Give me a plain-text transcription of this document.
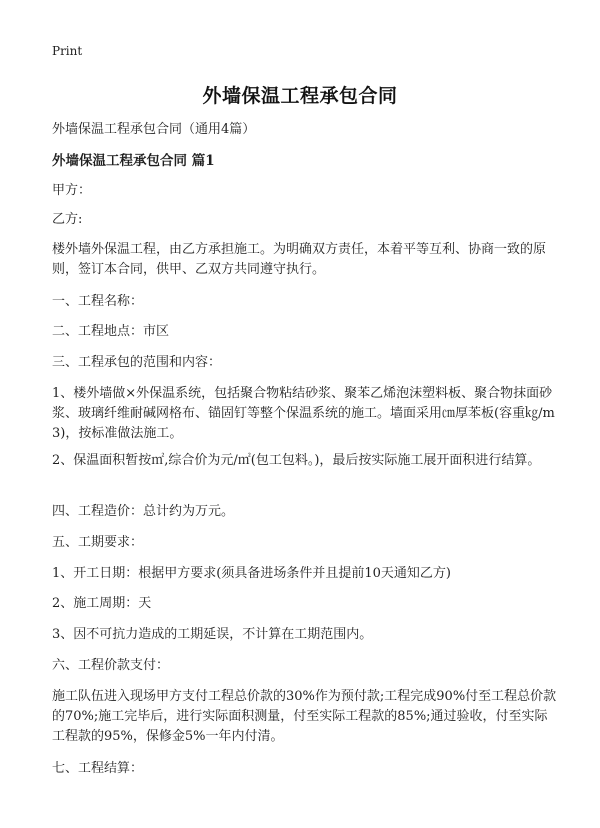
Print
外墙保温工程承包合同
外墙保温工程承包合同（通用4篇）
外墙保温工程承包合同 篇1
甲方：
乙方:
楼外墙外保温工程，由乙方承担施工。为明确双方责任，本着平等互利、协商一致的原则，签订本合同，供甲、乙双方共同遵守执行。
一、工程名称：
二、工程地点：市区
三、工程承包的范围和内容：
1、楼外墙做×外保温系统，包括聚合物粘结砂浆、聚苯乙烯泡沫塑料板、聚合物抹面砂浆、玻璃纤维耐碱网格布、锚固钉等整个保温系统的施工。墙面采用㎝厚苯板(容重㎏/m3)，按标准做法施工。
2、保温面积暂按㎡,综合价为元/㎡(包工包料。)，最后按实际施工展开面积进行结算。
四、工程造价：总计约为万元。
五、工期要求：
1、开工日期：根据甲方要求(须具备进场条件并且提前10天通知乙方)
2、施工周期：天
3、因不可抗力造成的工期延误，不计算在工期范围内。
六、工程价款支付：
施工队伍进入现场甲方支付工程总价款的30%作为预付款;工程完成90%付至工程总价款的70%;施工完毕后，进行实际面积测量，付至实际工程款的85%;通过验收，付至实际工程款的95%，保修金5%一年内付清。
七、工程结算：
